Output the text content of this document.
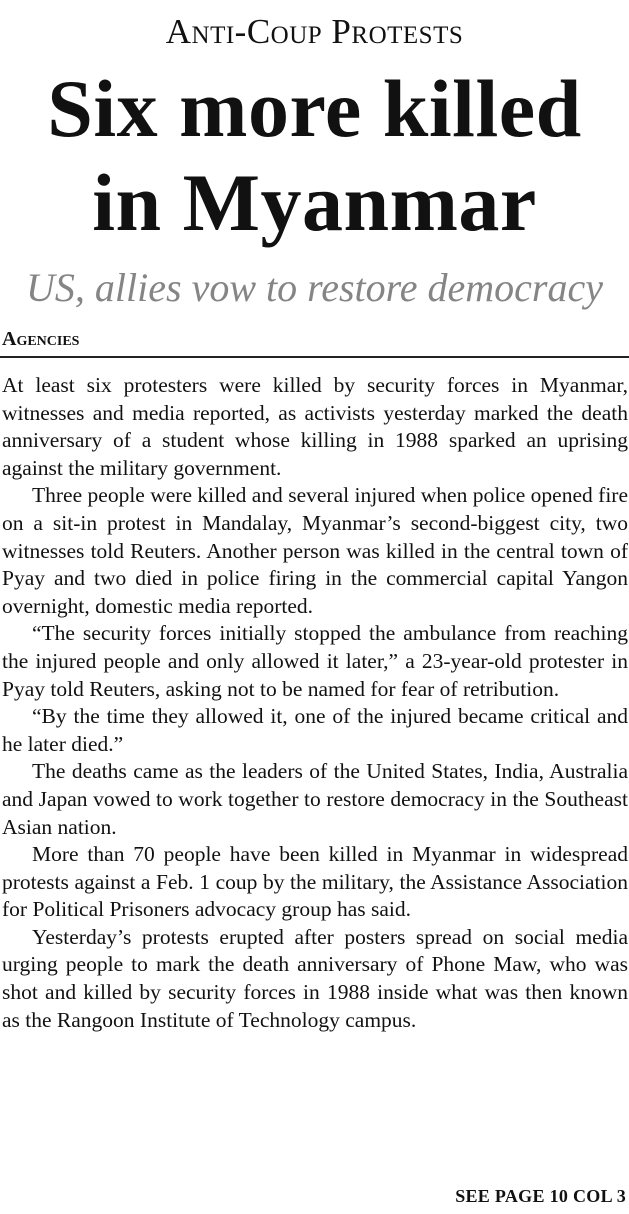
Anti-Coup Protests
Six more killed
in Myanmar
US, allies vow to restore democracy
Agencies

At least six protesters were killed by security forces in Myanmar, witnesses and media reported, as activists yesterday marked the death anniversary of a student whose killing in 1988 sparked an uprising against the military government.

Three people were killed and several injured when police opened fire on a sit-in protest in Mandalay, Myanmar’s second-biggest city, two witnesses told Reuters. Another person was killed in the central town of Pyay and two died in police firing in the commercial capital Yangon overnight, domestic media reported.

“The security forces initially stopped the ambulance from reaching the injured people and only allowed it later,” a 23-year-old protester in Pyay told Reuters, asking not to be named for fear of retribution.

“By the time they allowed it, one of the injured became critical and he later died.”

The deaths came as the leaders of the United States, India, Australia and Japan vowed to work together to restore democracy in the Southeast Asian nation.

More than 70 people have been killed in Myanmar in widespread protests against a Feb. 1 coup by the military, the Assistance Association for Political Prisoners advocacy group has said.

Yesterday’s protests erupted after posters spread on social media urging people to mark the death anniversary of Phone Maw, who was shot and killed by security forces in 1988 inside what was then known as the Rangoon Institute of Technology campus.

SEE PAGE 10 COL 3
